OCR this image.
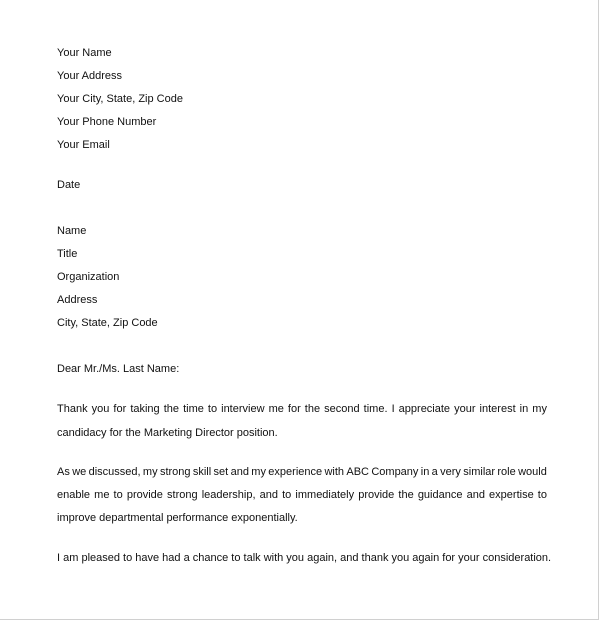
Your Name
Your Address
Your City, State, Zip Code
Your Phone Number
Your Email
Date
Name
Title
Organization
Address
City, State, Zip Code
Dear Mr./Ms. Last Name:
Thank you for taking the time to interview me for the second time. I appreciate your interest in my
candidacy for the Marketing Director position.
As we discussed, my strong skill set and my experience with ABC Company in a very similar role would
enable me to provide strong leadership, and to immediately provide the guidance and expertise to
improve departmental performance exponentially.
I am pleased to have had a chance to talk with you again, and thank you again for your consideration.
